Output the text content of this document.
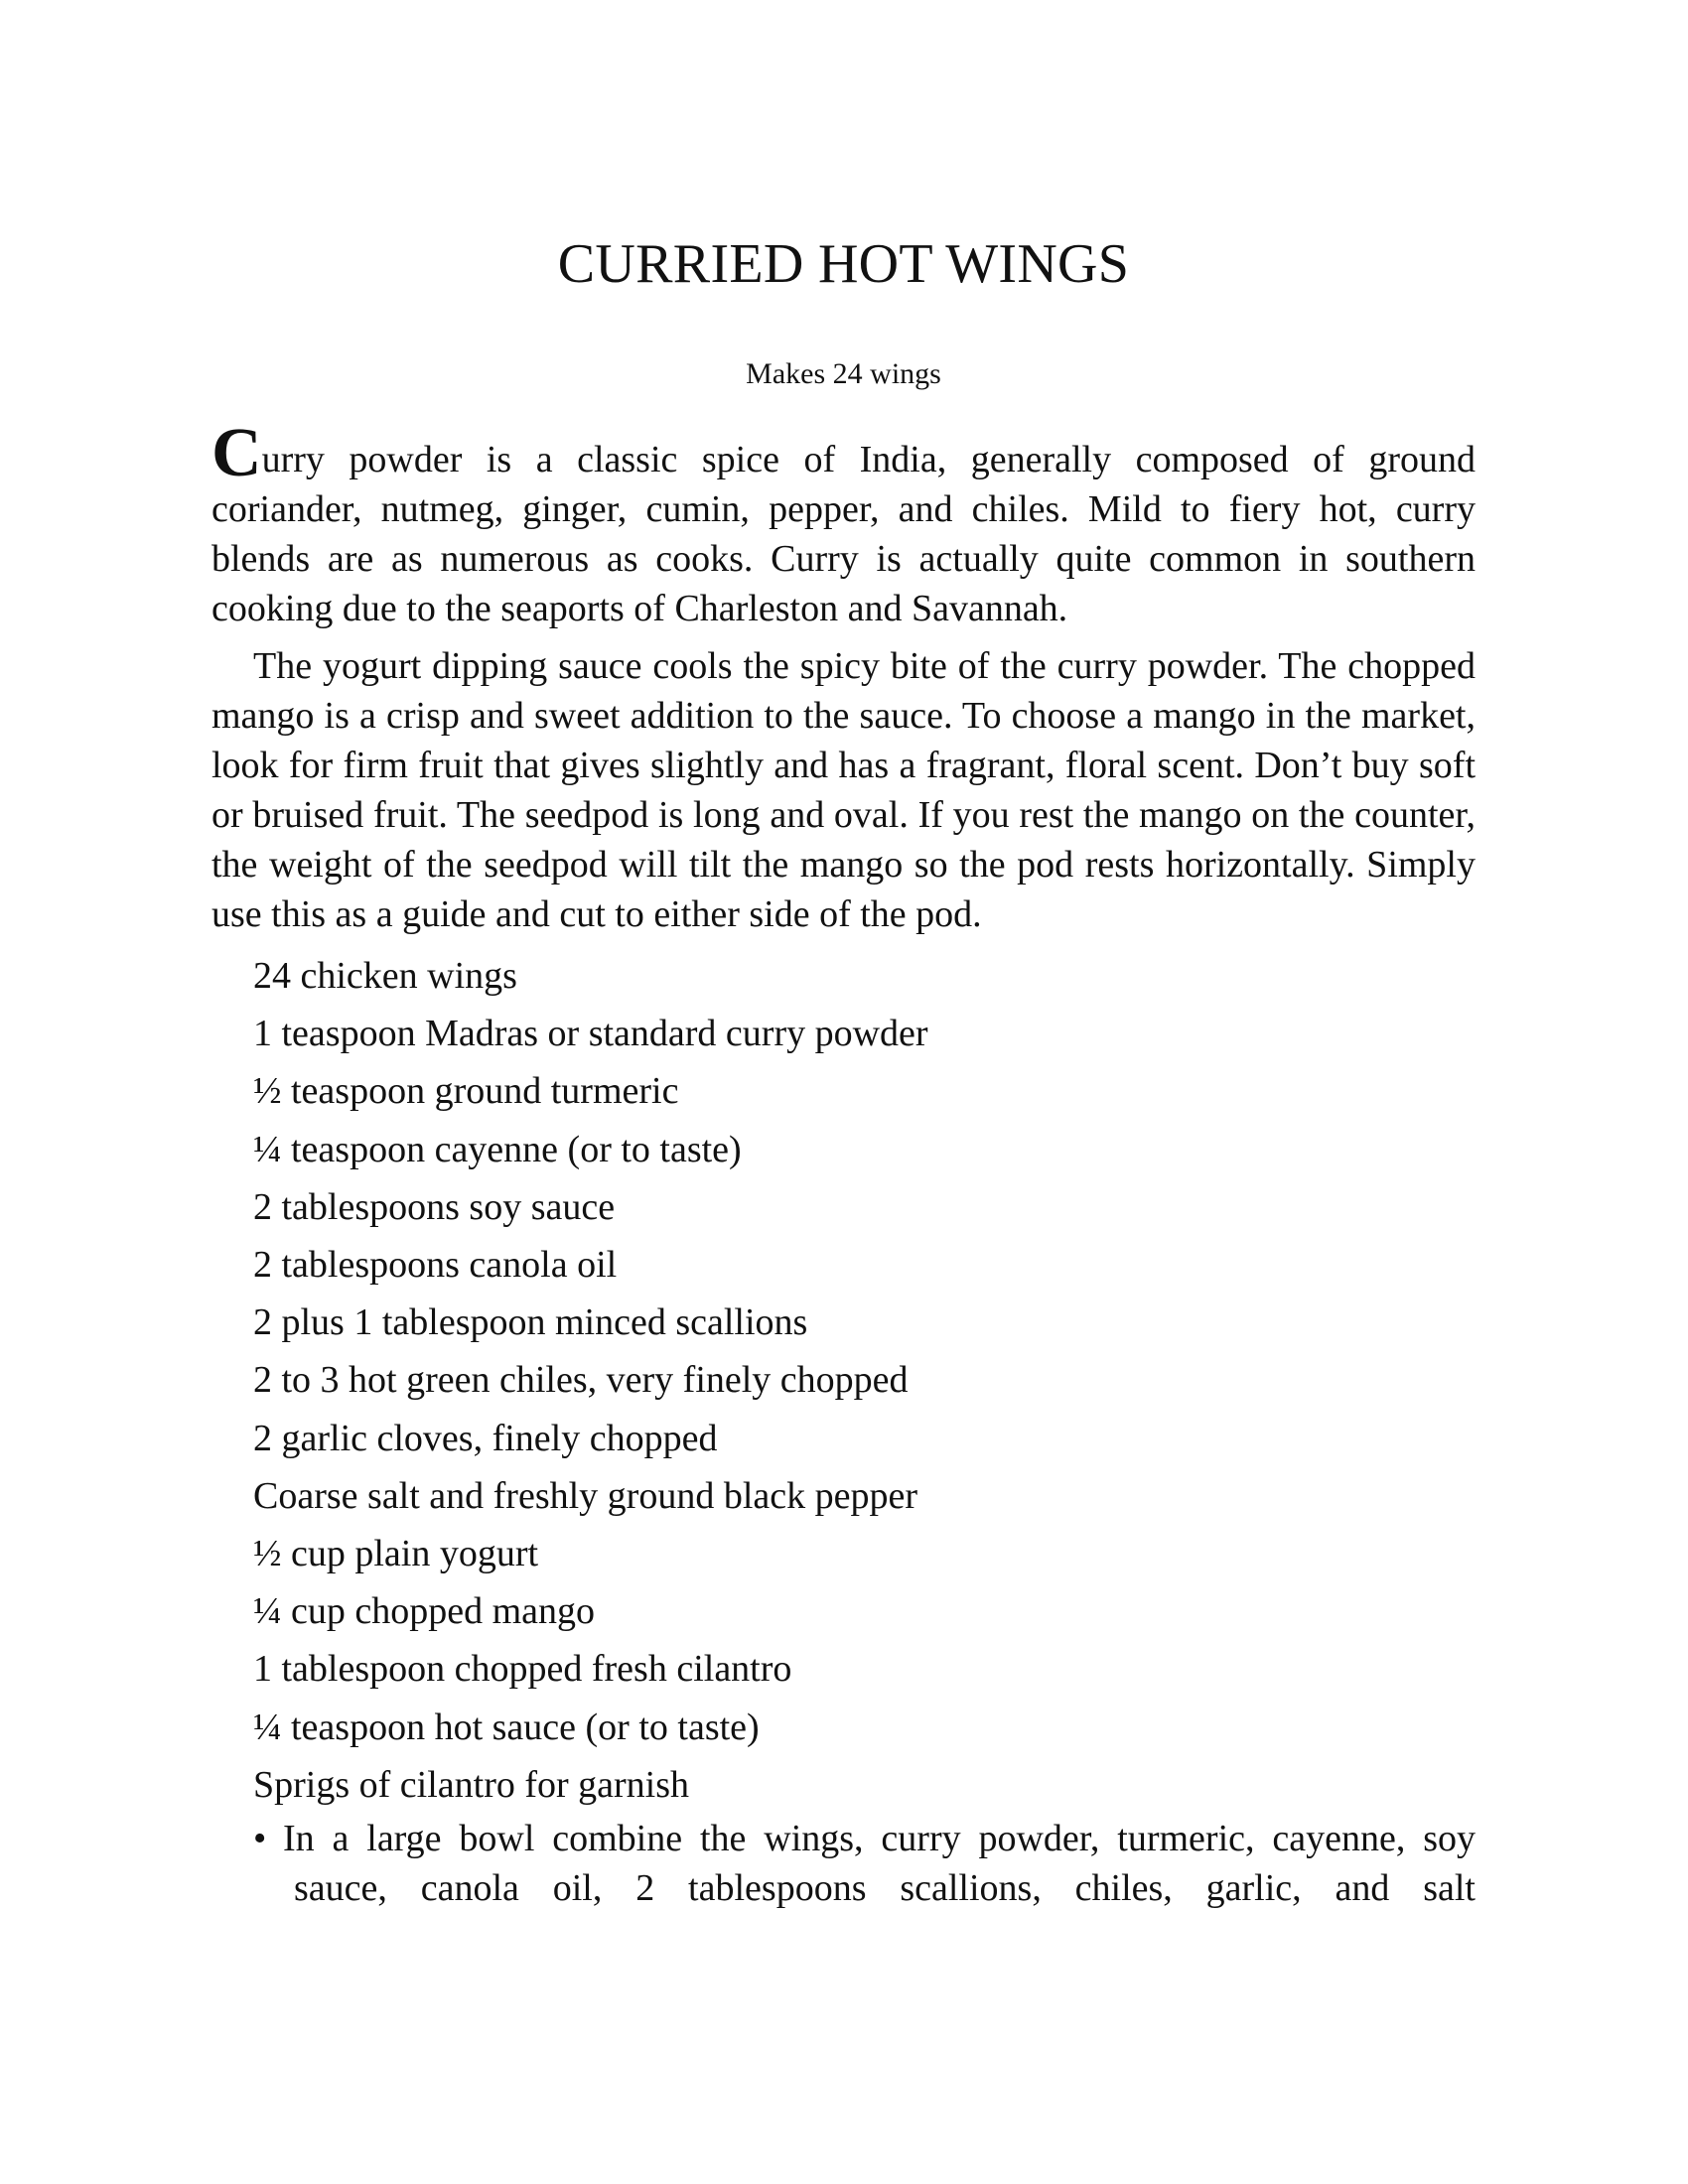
CURRIED HOT WINGS
Makes 24 wings

Curry powder is a classic spice of India, generally composed of ground
coriander, nutmeg, ginger, cumin, pepper, and chiles. Mild to fiery hot, curry blends are as numerous as cooks. Curry is actually quite common in southern cooking due to the seaports of Charleston and Savannah.

The yogurt dipping sauce cools the spicy bite of the curry powder. The chopped mango is a crisp and sweet addition to the sauce. To choose a mango in the market, look for firm fruit that gives slightly and has a fragrant, floral scent. Don’t buy soft or bruised fruit. The seedpod is long and oval. If you rest the mango on the counter, the weight of the seedpod will tilt the mango so the pod rests horizontally. Simply use this as a guide and cut to either side of the pod.

24 chicken wings
1 teaspoon Madras or standard curry powder
½ teaspoon ground turmeric
¼ teaspoon cayenne (or to taste)
2 tablespoons soy sauce
2 tablespoons canola oil
2 plus 1 tablespoon minced scallions
2 to 3 hot green chiles, very finely chopped
2 garlic cloves, finely chopped
Coarse salt and freshly ground black pepper
½ cup plain yogurt
¼ cup chopped mango
1 tablespoon chopped fresh cilantro
¼ teaspoon hot sauce (or to taste)
Sprigs of cilantro for garnish
• In a large bowl combine the wings, curry powder, turmeric, cayenne, soy sauce, canola oil, 2 tablespoons scallions, chiles, garlic, and salt
